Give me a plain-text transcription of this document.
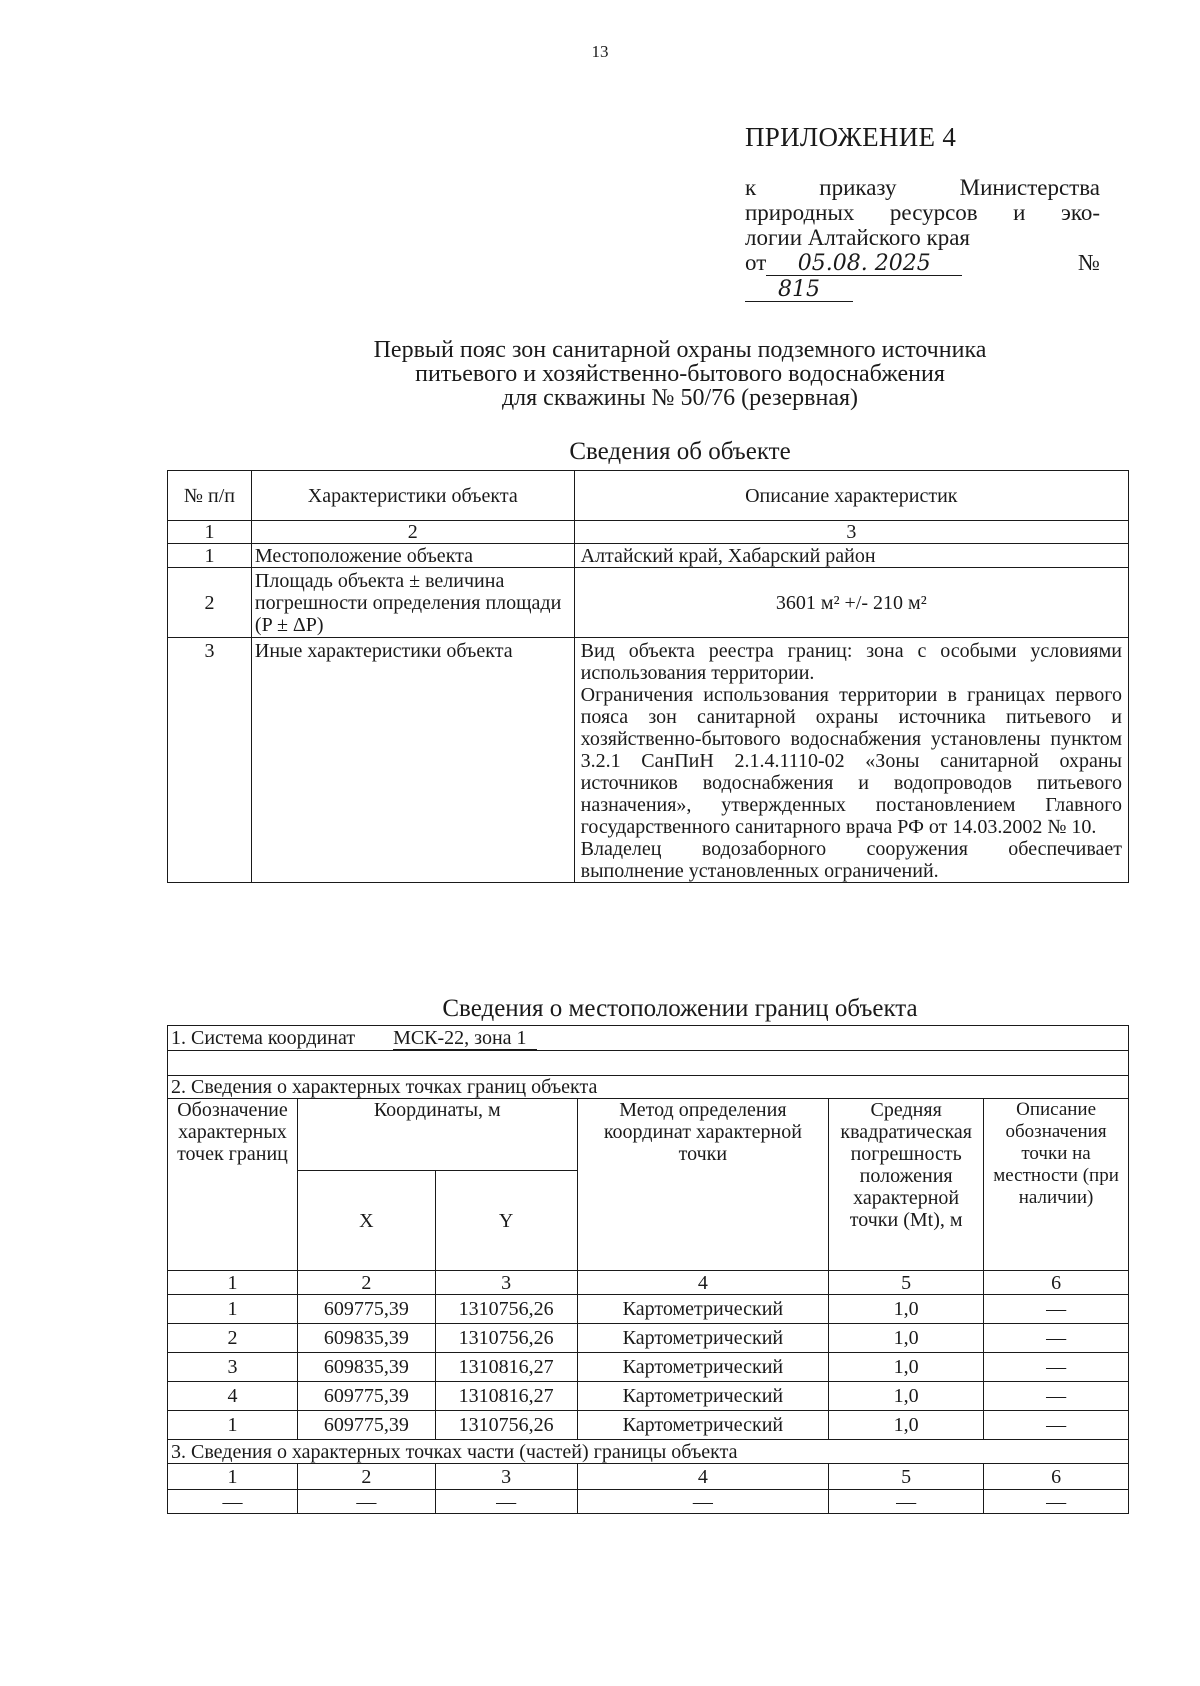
13
ПРИЛОЖЕНИЕ 4
к приказу Министерства
природных ресурсов и эко-
логии Алтайского края
от 05.08. 2025	№ 815
Первый пояс зон санитарной охраны подземного источника
питьевого и хозяйственно-бытового водоснабжения
для скважины № 50/76 (резервная)
Сведения об объекте
№ п/п	Характеристики объекта	Описание характеристик
1	2	3
1	Местоположение объекта	Алтайский край, Хабарский район
2	Площадь объекта ± величина погрешности определения площади (P ± ΔP)	3601 м² +/- 210 м²
3	Иные характеристики объекта	Вид объекта реестра границ: зона с особыми условиями использования территории.

Ограничения использования территории в границах первого пояса зон санитарной охраны источника питьевого и хозяйственно-бытового водоснабжения установлены пунктом 3.2.1 СанПиН 2.1.4.1110-02 «Зоны санитарной охраны источников водоснабжения и водопроводов питьевого назначения», утвержденных постановлением Главного государственного санитарного врача РФ от 14.03.2002 № 10.

Владелец водозаборного сооружения обеспечивает выполнение установленных ограничений.

Сведения о местоположении границ объекта
1. Система координат МСК-22, зона 1					

2. Сведения о характерных точках границ объекта					
Обозначение характерных точек границ	Координаты, м		Метод определения координат характерной точки	Средняя квадратическая погрешность положения характерной точки (Mt), м	Описание обозначения точки на местности (при наличии)
	X	Y			
1	2	3	4	5	6
1	609775,39	1310756,26	Картометрический	1,0	—
2	609835,39	1310756,26	Картометрический	1,0	—
3	609835,39	1310816,27	Картометрический	1,0	—
4	609775,39	1310816,27	Картометрический	1,0	—
1	609775,39	1310756,26	Картометрический	1,0	—
3. Сведения о характерных точках части (частей) границы объекта					
1	2	3	4	5	6
—	—	—	—	—	—
